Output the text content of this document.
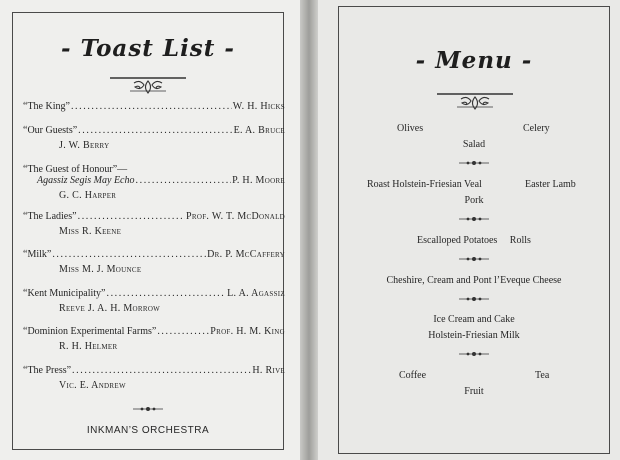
- Toast List -
“The King” .....	W. H. Hicks
“Our Guests” .....	E. A. Bruce
J. W. Berry
“The Guest of Honour”—
Agassiz Segis May Echo .....	P. H. Moore
G. C. Harper
“The Ladies” .....	Prof. W. T. McDonald
Miss R. Keene
“Milk” .....	Dr. P. McCaffery
Miss M. J. Mounce
“Kent Municipality” .....	L. A. Agassiz
Reeve J. A. H. Morrow
“Dominion Experimental Farms” .....	Prof. H. M. King
R. H. Helmer
“The Press” .....	H. Rive
Vic. E. Andrew
INKMAN’S ORCHESTRA
- Menu -
Olives	Celery
Salad
Roast Holstein-Friesian Veal	Easter Lamb
Pork
Escalloped Potatoes     Rolls
Cheshire, Cream and Pont l’Eveque Cheese
Ice Cream and Cake
Holstein-Friesian Milk
Coffee	Tea
Fruit
